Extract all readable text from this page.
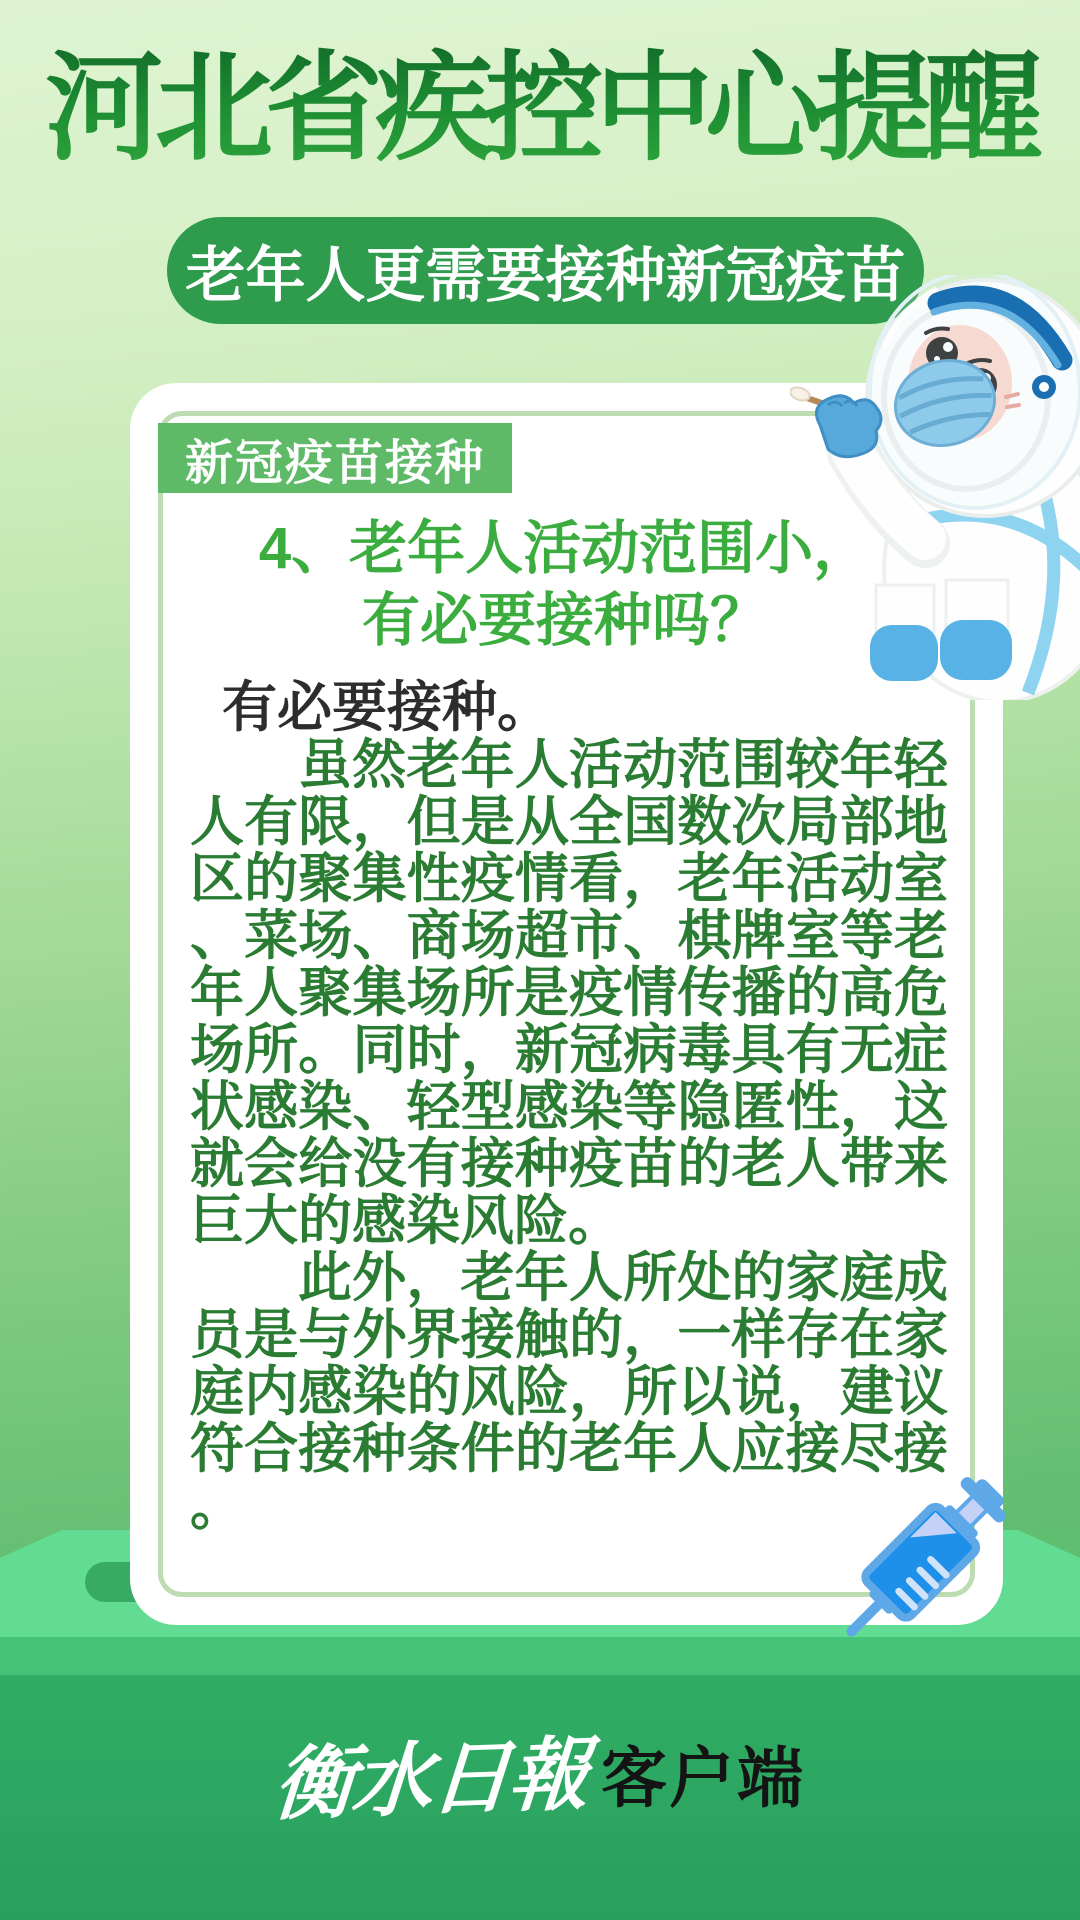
河北省疾控中心提醒
老年人更需要接种新冠疫苗
新冠疫苗接种
4、老年人活动范围小，
有必要接种吗？
有必要接种。

虽然老年人活动范围较年轻人有限，但是从全国数次局部地区的聚集性疫情看，老年活动室、菜场、商场超市、棋牌室等老年人聚集场所是疫情传播的高危场所。同时，新冠病毒具有无症状感染、轻型感染等隐匿性，这就会给没有接种疫苗的老人带来巨大的感染风险。

此外，老年人所处的家庭成员是与外界接触的，一样存在家庭内感染的风险，所以说，建议符合接种条件的老年人应接尽接。

衡水日報 客户端
